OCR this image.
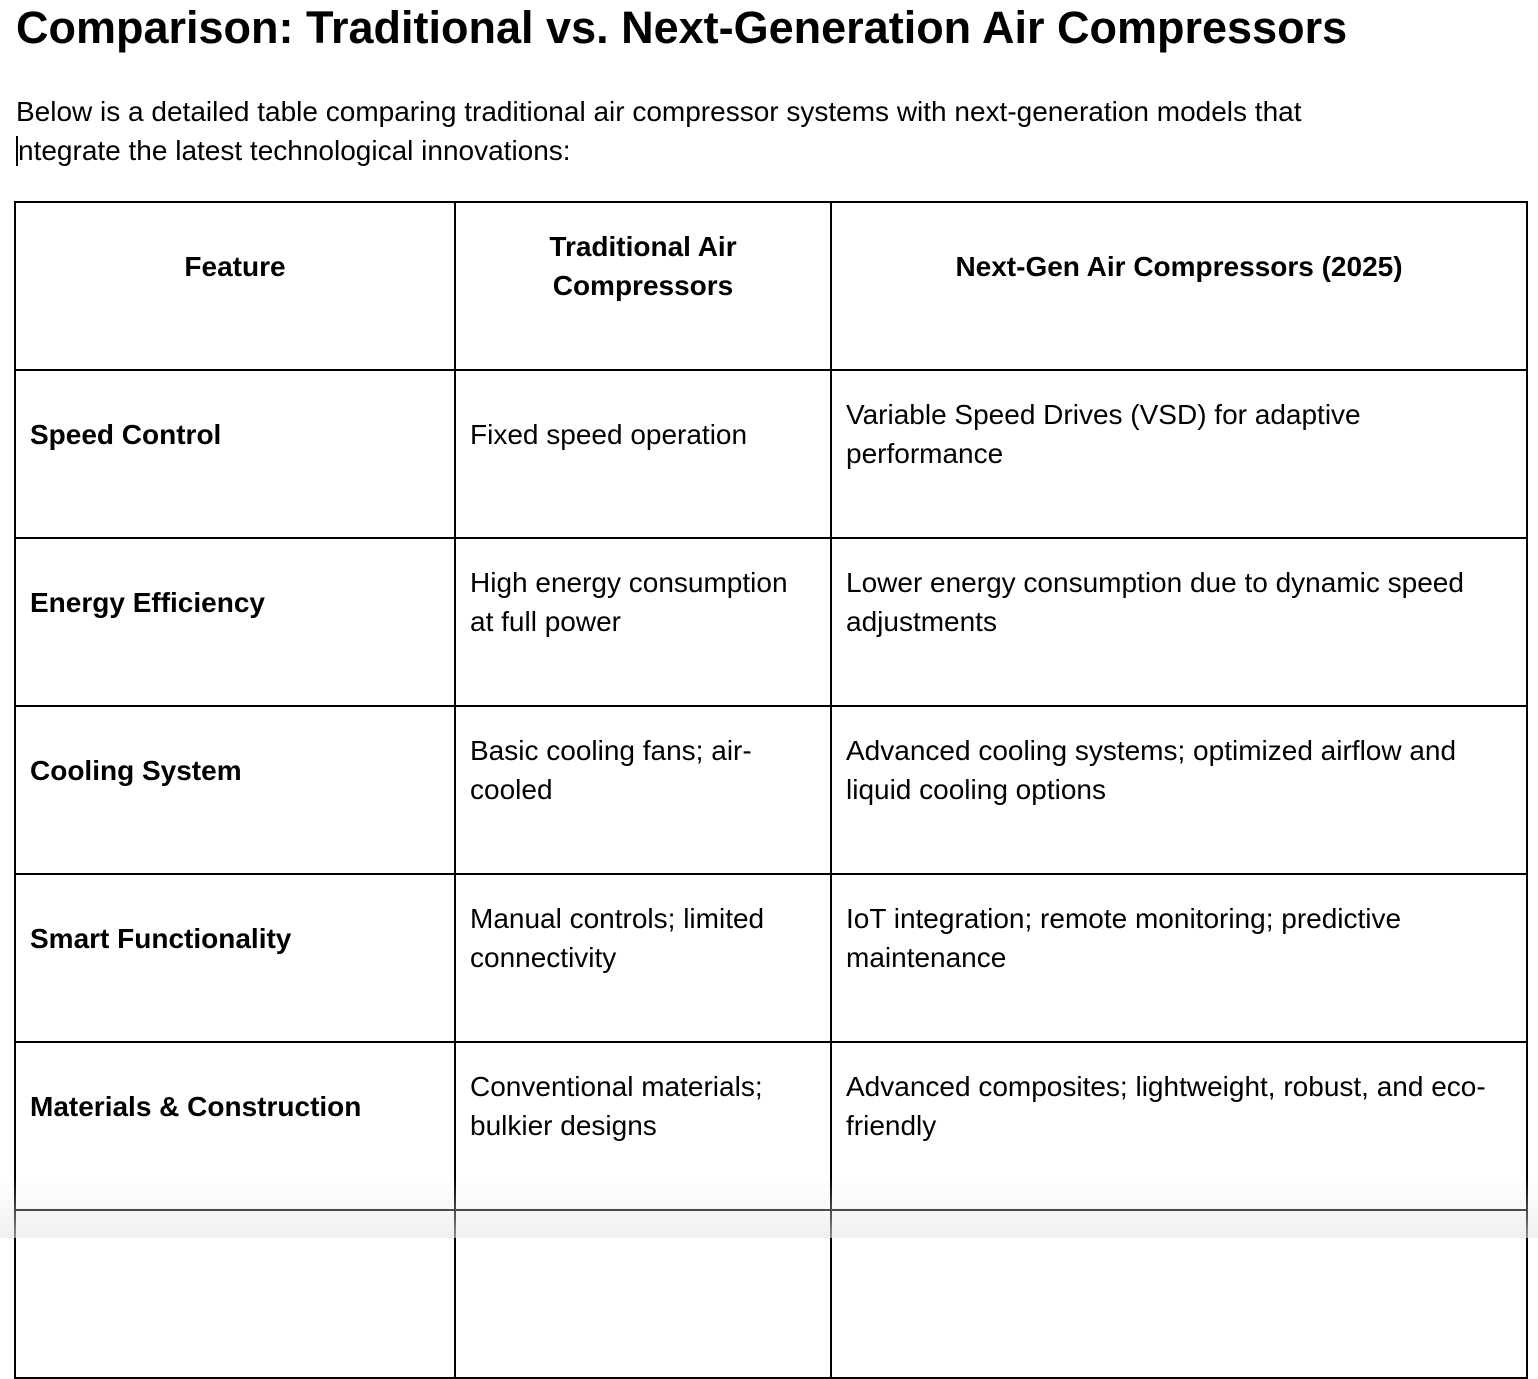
Comparison: Traditional vs. Next-Generation Air Compressors

Below is a detailed table comparing traditional air compressor systems with next-generation models that
ntegrate the latest technological innovations:

Feature	Traditional Air Compressors	Next-Gen Air Compressors (2025)
Speed Control	Fixed speed operation	Variable Speed Drives (VSD) for adaptive performance
Energy Efficiency	High energy consumption at full power	Lower energy consumption due to dynamic speed adjustments
Cooling System	Basic cooling fans; air-cooled	Advanced cooling systems; optimized airflow and liquid cooling options
Smart Functionality	Manual controls; limited connectivity	IoT integration; remote monitoring; predictive maintenance
Materials & Construction	Conventional materials; bulkier designs	Advanced composites; lightweight, robust, and eco-friendly
